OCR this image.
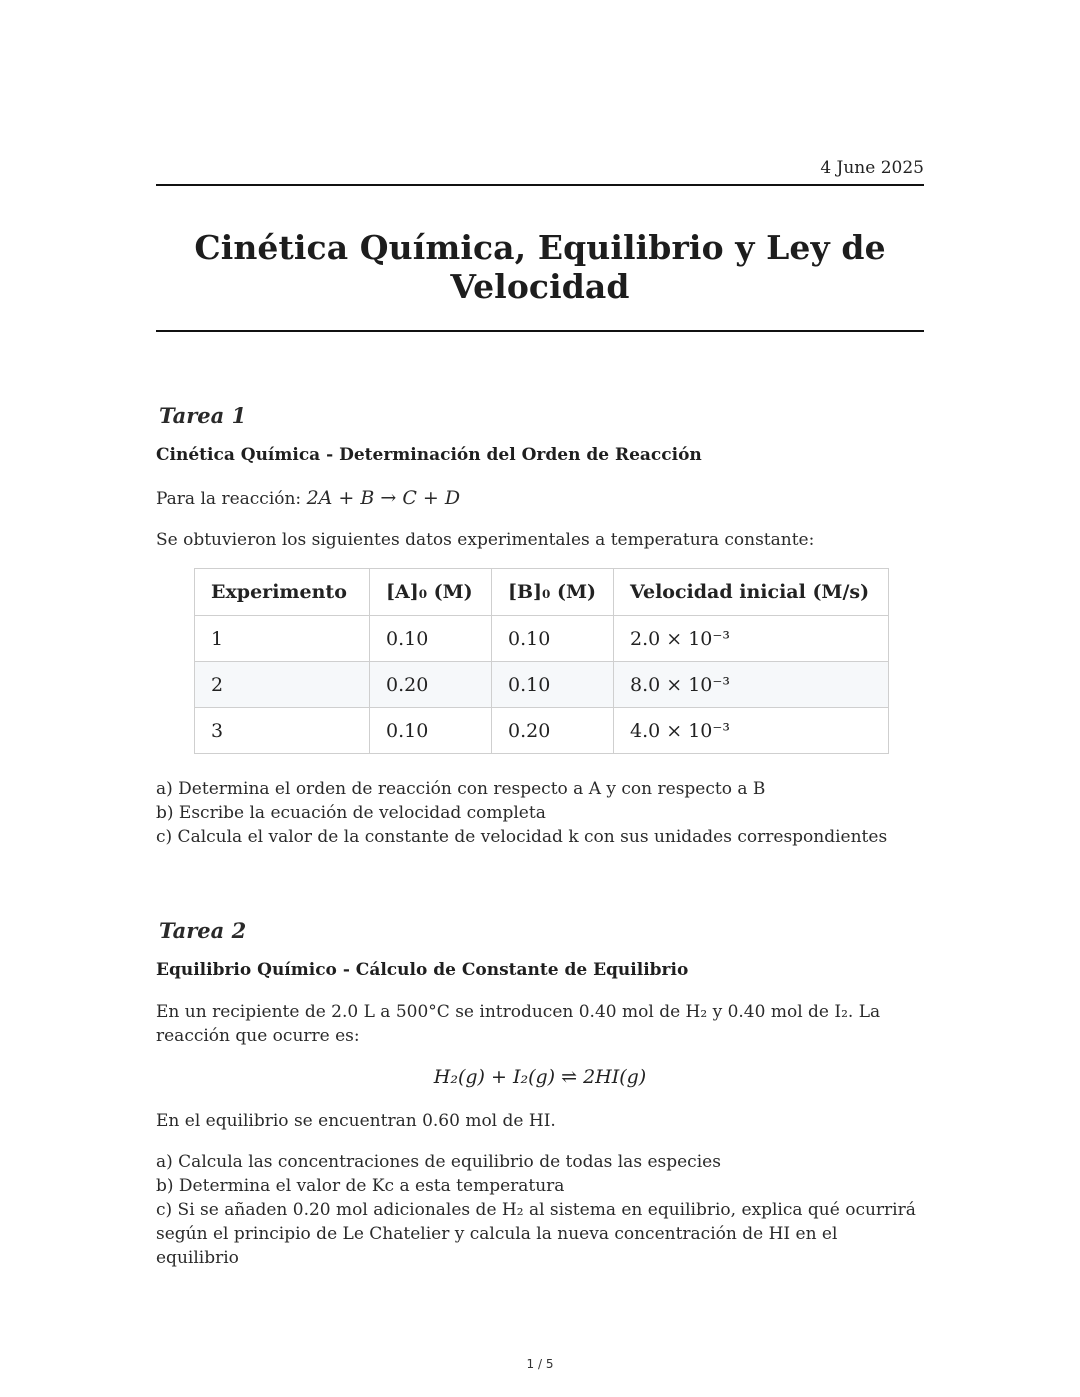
4 June 2025
Cinética Química, Equilibrio y Ley de Velocidad
Tarea 1
Cinética Química - Determinación del Orden de Reacción
Para la reacción: 2A + B → C + D
Se obtuvieron los siguientes datos experimentales a temperatura constante:
Experimento	[A]₀ (M)	[B]₀ (M)	Velocidad inicial (M/s)
1	0.10	0.10	2.0 × 10⁻³
2	0.20	0.10	8.0 × 10⁻³
3	0.10	0.20	4.0 × 10⁻³
a) Determina el orden de reacción con respecto a A y con respecto a B
b) Escribe la ecuación de velocidad completa
c) Calcula el valor de la constante de velocidad k con sus unidades correspondientes
Tarea 2
Equilibrio Químico - Cálculo de Constante de Equilibrio
En un recipiente de 2.0 L a 500°C se introducen 0.40 mol de H₂ y 0.40 mol de I₂. La
reacción que ocurre es:
H₂(g) + I₂(g) ⇌ 2HI(g)
En el equilibrio se encuentran 0.60 mol de HI.
a) Calcula las concentraciones de equilibrio de todas las especies
b) Determina el valor de Kc a esta temperatura
c) Si se añaden 0.20 mol adicionales de H₂ al sistema en equilibrio, explica qué ocurrirá
según el principio de Le Chatelier y calcula la nueva concentración de HI en el equilibrio
1 / 5
